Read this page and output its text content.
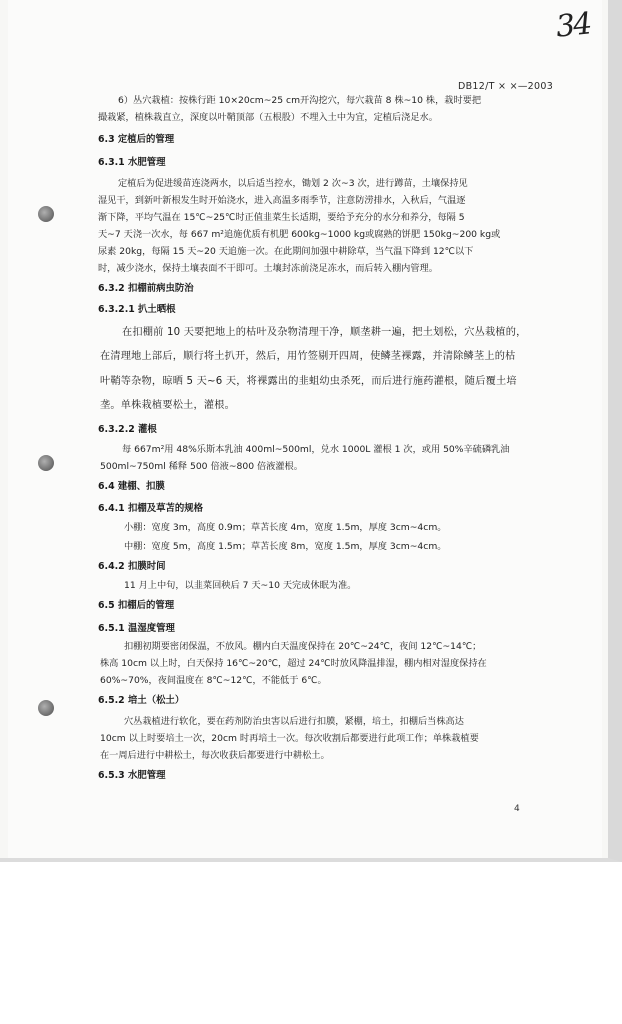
34
DB12/T × ×—2003
6）丛穴栽植：按株行距 10×20cm~25 cm开沟挖穴，每穴栽苗 8 株~10 株，栽时要把
撮栽紧，植株栽直立，深度以叶鞘顶部（五根股）不埋入土中为宜，定植后浇足水。
6.3 定植后的管理
6.3.1 水肥管理
定植后为促进缓苗连浇两水，以后适当控水，锄划 2 次~3 次，进行蹲苗，土壤保持见
湿见干，到新叶新根发生时开始浇水，进入高温多雨季节，注意防涝排水，入秋后，气温逐
渐下降，平均气温在 15℃~25℃时正值韭菜生长适期，要给予充分的水分和养分，每隔 5
天~7 天浇一次水，每 667 m²追施优质有机肥 600kg~1000 kg或腐熟的饼肥 150kg~200 kg或
尿素 20kg，每隔 15 天~20 天追施一次。在此期间加强中耕除草，当气温下降到 12℃以下
时，减少浇水，保持土壤表面不干即可。土壤封冻前浇足冻水，而后转入棚内管理。
6.3.2 扣棚前病虫防治
6.3.2.1 扒土晒根
在扣棚前 10 天要把地上的枯叶及杂物清理干净，顺垄耕一遍，把土划松，穴丛栽植的，
在清理地上部后，顺行将土扒开，然后，用竹签剔开四周，使鳞茎裸露，并清除鳞茎上的枯
叶鞘等杂物，晾晒 5 天~6 天，将裸露出的韭蛆幼虫杀死，而后进行施药灌根，随后覆土培
垄。单株栽植要松土，灌根。
6.3.2.2 灌根
每 667m²用 48%乐斯本乳油 400ml~500ml，兑水 1000L 灌根 1 次，或用 50%辛硫磷乳油
500ml~750ml 稀释 500 倍液~800 倍液灌根。
6.4 建棚、扣膜
6.4.1 扣棚及草苫的规格
小棚：宽度 3m，高度 0.9m；草苫长度 4m，宽度 1.5m，厚度 3cm~4cm。
中棚：宽度 5m，高度 1.5m；草苫长度 8m，宽度 1.5m，厚度 3cm~4cm。
6.4.2 扣膜时间
11 月上中旬，以韭菜回秧后 7 天~10 天完成休眠为准。
6.5 扣棚后的管理
6.5.1 温湿度管理
扣棚初期要密闭保温，不放风。棚内白天温度保持在 20℃~24℃，夜间 12℃~14℃；
株高 10cm 以上时，白天保持 16℃~20℃，超过 24℃时放风降温排湿，棚内相对湿度保持在
60%~70%，夜间温度在 8℃~12℃，不能低于 6℃。
6.5.2 培土（松土）
穴丛栽植进行软化，要在药剂防治虫害以后进行扣膜，紧棚，培土，扣棚后当株高达
10cm 以上时要培土一次，20cm 时再培土一次。每次收割后都要进行此项工作；单株栽植要
在一周后进行中耕松土，每次收获后都要进行中耕松土。
6.5.3 水肥管理
4
